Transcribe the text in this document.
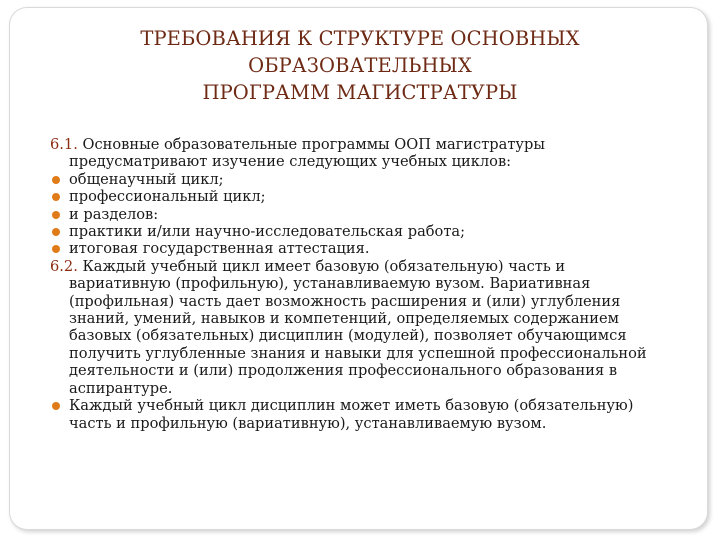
ТРЕБОВАНИЯ К СТРУКТУРЕ ОСНОВНЫХ
ОБРАЗОВАТЕЛЬНЫХ
ПРОГРАММ МАГИСТРАТУРЫ
6.1. Основные образовательные программы ООП магистратуры
предусматривают изучение следующих учебных циклов:
общенаучный цикл;
профессиональный цикл;
и разделов:
практики и/или научно-исследовательская работа;
итоговая государственная аттестация.
6.2. Каждый учебный цикл имеет базовую (обязательную) часть и
вариативную (профильную), устанавливаемую вузом. Вариативная
(профильная) часть дает возможность расширения и (или) углубления
знаний, умений, навыков и компетенций, определяемых содержанием
базовых (обязательных) дисциплин (модулей), позволяет обучающимся
получить углубленные знания и навыки для успешной профессиональной
деятельности и (или) продолжения профессионального образования в
аспирантуре.
Каждый учебный цикл дисциплин может иметь базовую (обязательную)
часть и профильную (вариативную), устанавливаемую вузом.
